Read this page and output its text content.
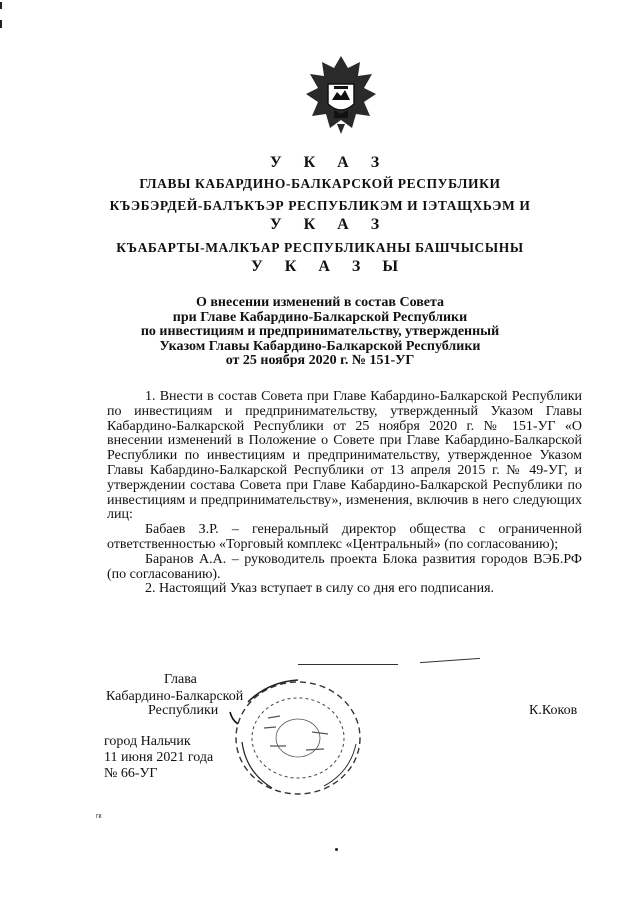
У К А З
ГЛАВЫ КАБАРДИНО-БАЛКАРСКОЙ РЕСПУБЛИКИ
КЪЭБЭРДЕЙ-БАЛЪКЪЭР РЕСПУБЛИКЭМ И IЭТАЩХЬЭМ И
У К А З
КЪАБАРТЫ-МАЛКЪАР РЕСПУБЛИКАНЫ БАШЧЫСЫНЫ
У К А З Ы
О внесении изменений в состав Совета
при Главе Кабардино-Балкарской Республики
по инвестициям и предпринимательству, утвержденный
Указом Главы Кабардино-Балкарской Республики
от 25 ноября 2020 г. № 151-УГ
1. Внести в состав Совета при Главе Кабардино-Балкарской Республики по инвестициям и предпринимательству, утвержденный Указом Главы Кабардино-Балкарской Республики от 25 ноября 2020 г. № 151-УГ «О внесении изменений в Положение о Совете при Главе Кабардино-Балкарской Республики по инвестициям и предпринимательству, утвержденное Указом Главы Кабардино-Балкарской Республики от 13 апреля 2015 г. № 49-УГ, и утверждении состава Совета при Главе Кабардино-Балкарской Республики по инвестициям и предпринимательству», изменения, включив в него следующих лиц:
Бабаев З.Р. – генеральный директор общества с ограниченной ответственностью «Торговый комплекс «Центральный» (по согласованию);
Баранов А.А. – руководитель проекта Блока развития городов ВЭБ.РФ (по согласованию).
2. Настоящий Указ вступает в силу со дня его подписания.
Глава
Кабардино-Балкарской
Республики	К.Коков
город Нальчик
11 июня 2021 года
№ 66-УГ
гк
